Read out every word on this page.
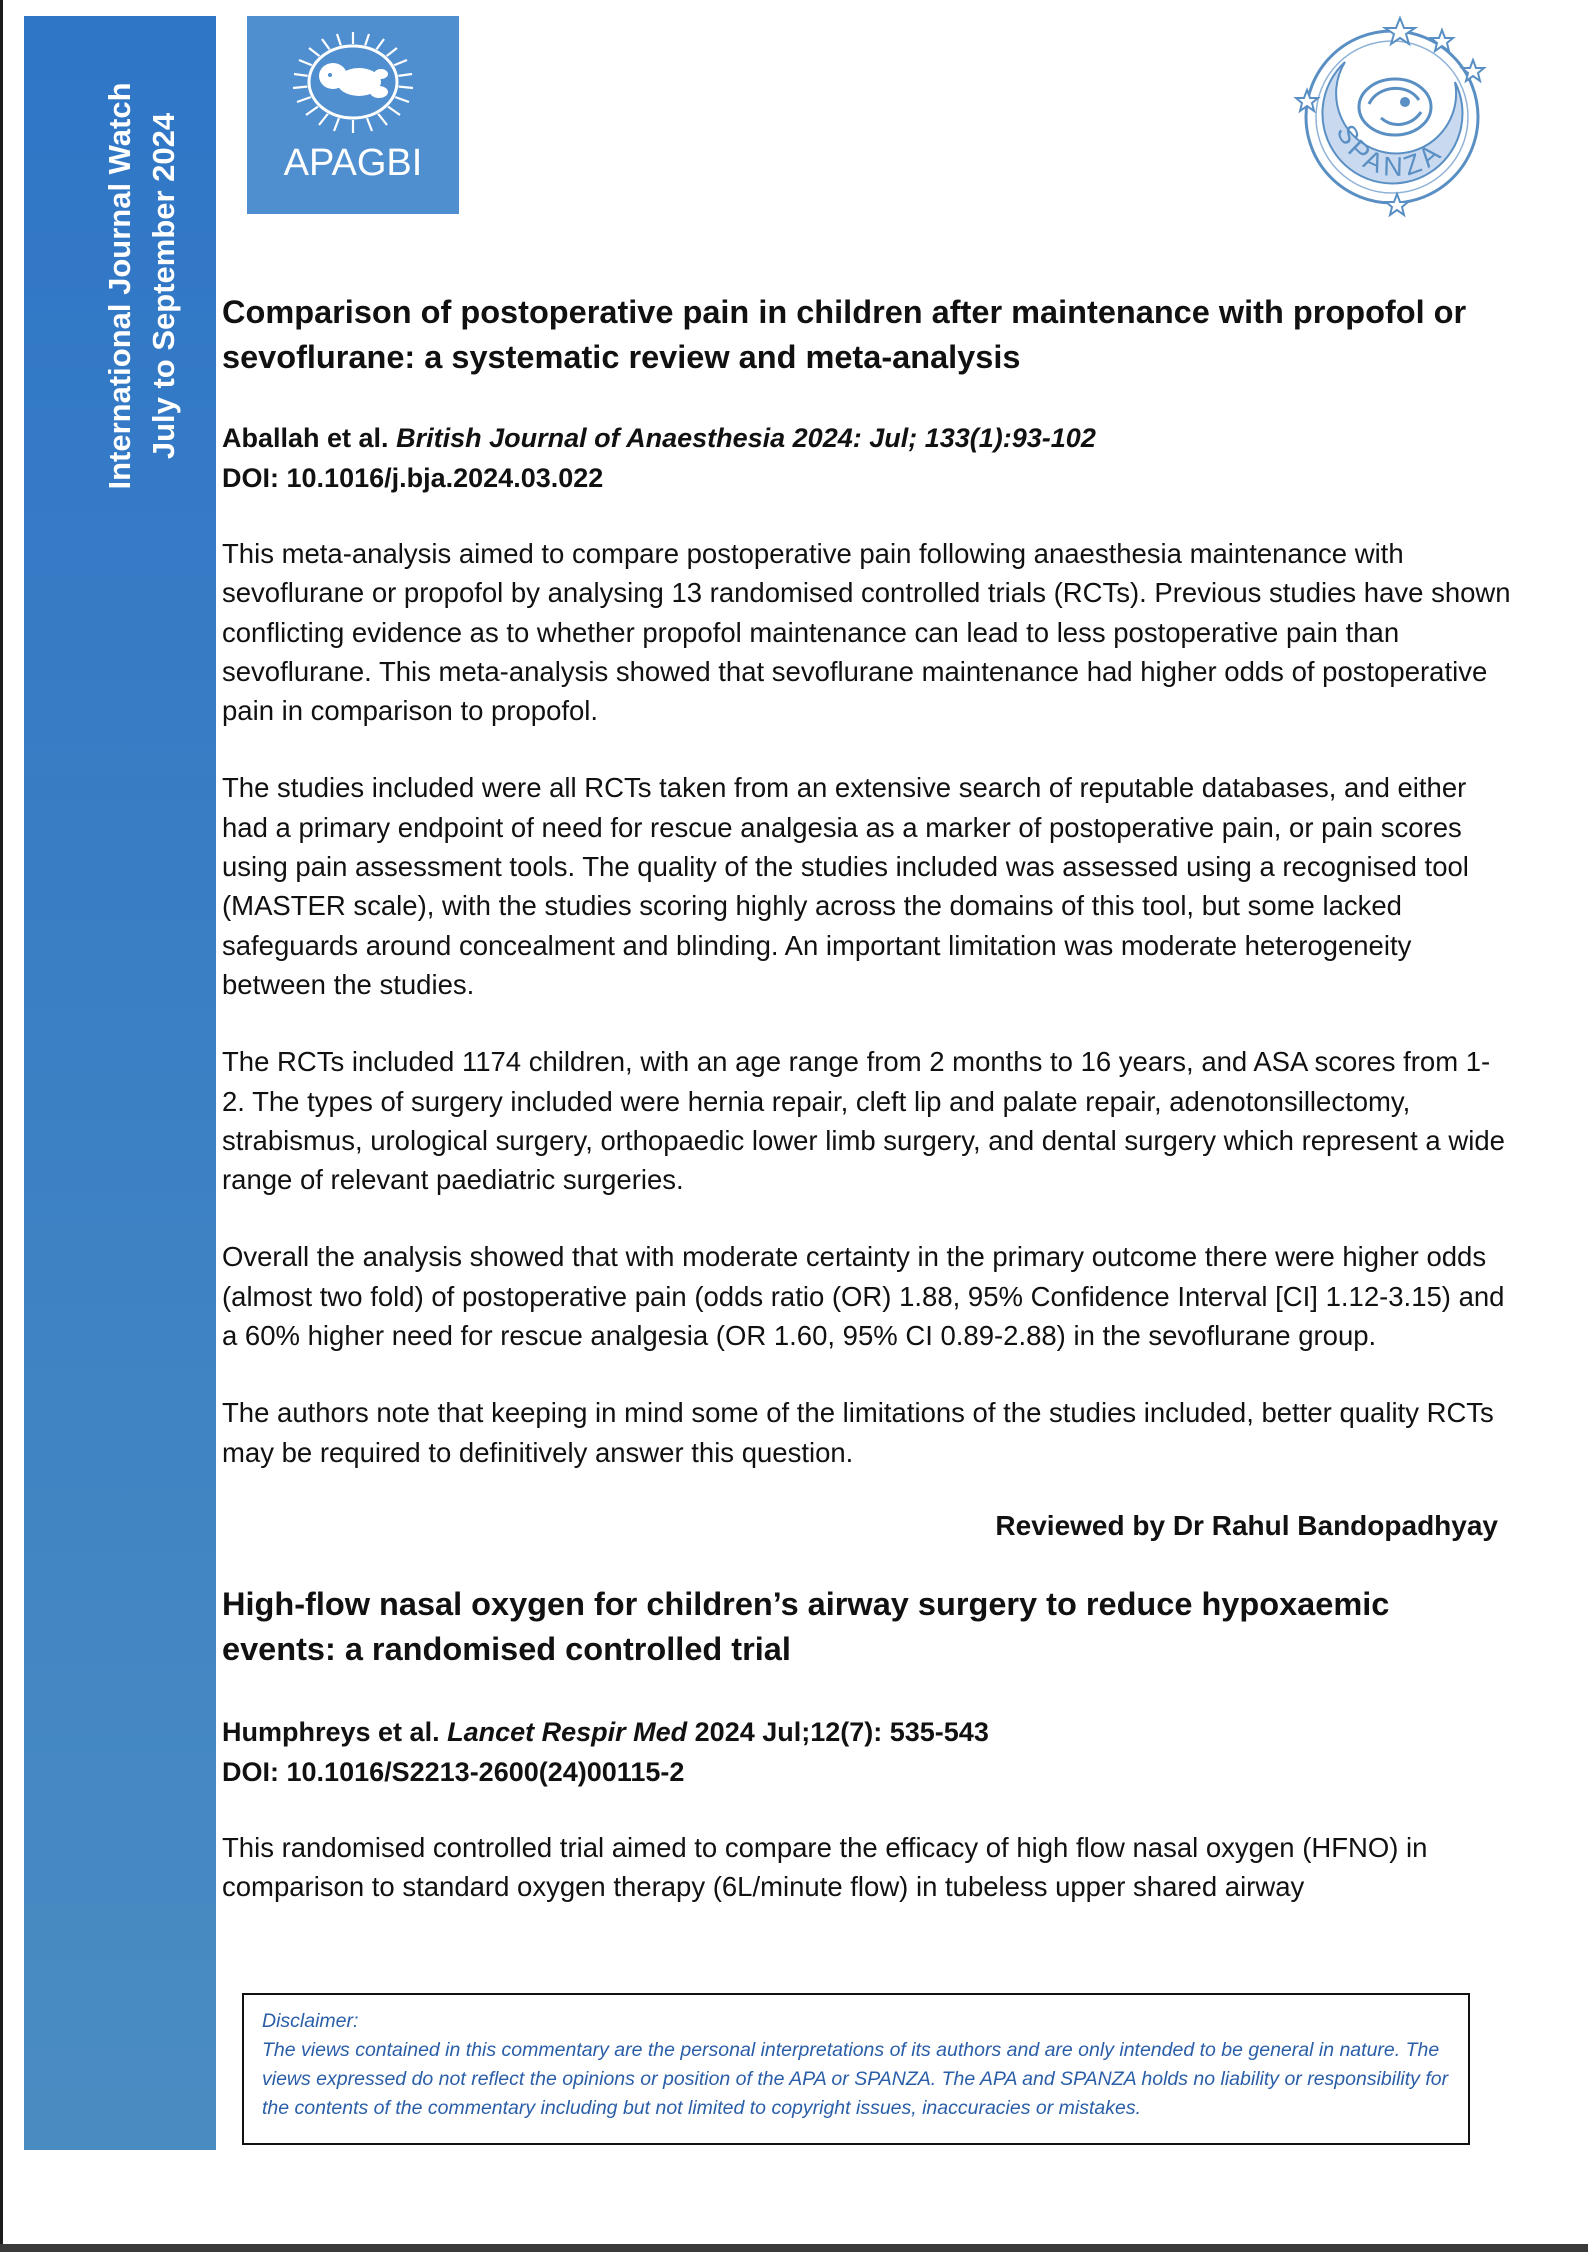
International Journal Watch July to September 2024	APAGBI
SPANZA
Comparison of postoperative pain in children after maintenance with propofol or sevoflurane: a systematic review and meta-analysis

Aballah et al. British Journal of Anaesthesia 2024: Jul; 133(1):93-102

DOI: 10.1016/j.bja.2024.03.022

This meta-analysis aimed to compare postoperative pain following anaesthesia maintenance with sevoflurane or propofol by analysing 13 randomised controlled trials (RCTs). Previous studies have shown conflicting evidence as to whether propofol maintenance can lead to less postoperative pain than sevoflurane. This meta-analysis showed that sevoflurane maintenance had higher odds of postoperative pain in comparison to propofol.

The studies included were all RCTs taken from an extensive search of reputable databases, and either had a primary endpoint of need for rescue analgesia as a marker of postoperative pain, or pain scores using pain assessment tools. The quality of the studies included was assessed using a recognised tool (MASTER scale), with the studies scoring highly across the domains of this tool, but some lacked safeguards around concealment and blinding. An important limitation was moderate heterogeneity between the studies.

The RCTs included 1174 children, with an age range from 2 months to 16 years, and ASA scores from 1-2. The types of surgery included were hernia repair, cleft lip and palate repair, adenotonsillectomy, strabismus, urological surgery, orthopaedic lower limb surgery, and dental surgery which represent a wide range of relevant paediatric surgeries.

Overall the analysis showed that with moderate certainty in the primary outcome there were higher odds (almost two fold) of postoperative pain (odds ratio (OR) 1.88, 95% Confidence Interval [CI] 1.12-3.15) and a 60% higher need for rescue analgesia (OR 1.60, 95% CI 0.89-2.88) in the sevoflurane group.

The authors note that keeping in mind some of the limitations of the studies included, better quality RCTs may be required to definitively answer this question.

Reviewed by Dr Rahul Bandopadhyay

High-flow nasal oxygen for children’s airway surgery to reduce hypoxaemic events: a randomised controlled trial

Humphreys et al. Lancet Respir Med 2024 Jul;12(7): 535-543

DOI: 10.1016/S2213-2600(24)00115-2

This randomised controlled trial aimed to compare the efficacy of high flow nasal oxygen (HFNO) in comparison to standard oxygen therapy (6L/minute flow) in tubeless upper shared airway

Disclaimer:
The views contained in this commentary are the personal interpretations of its authors and are only intended to be general in nature. The views expressed do not reflect the opinions or position of the APA or SPANZA. The APA and SPANZA holds no liability or responsibility for the contents of the commentary including but not limited to copyright issues, inaccuracies or mistakes.
